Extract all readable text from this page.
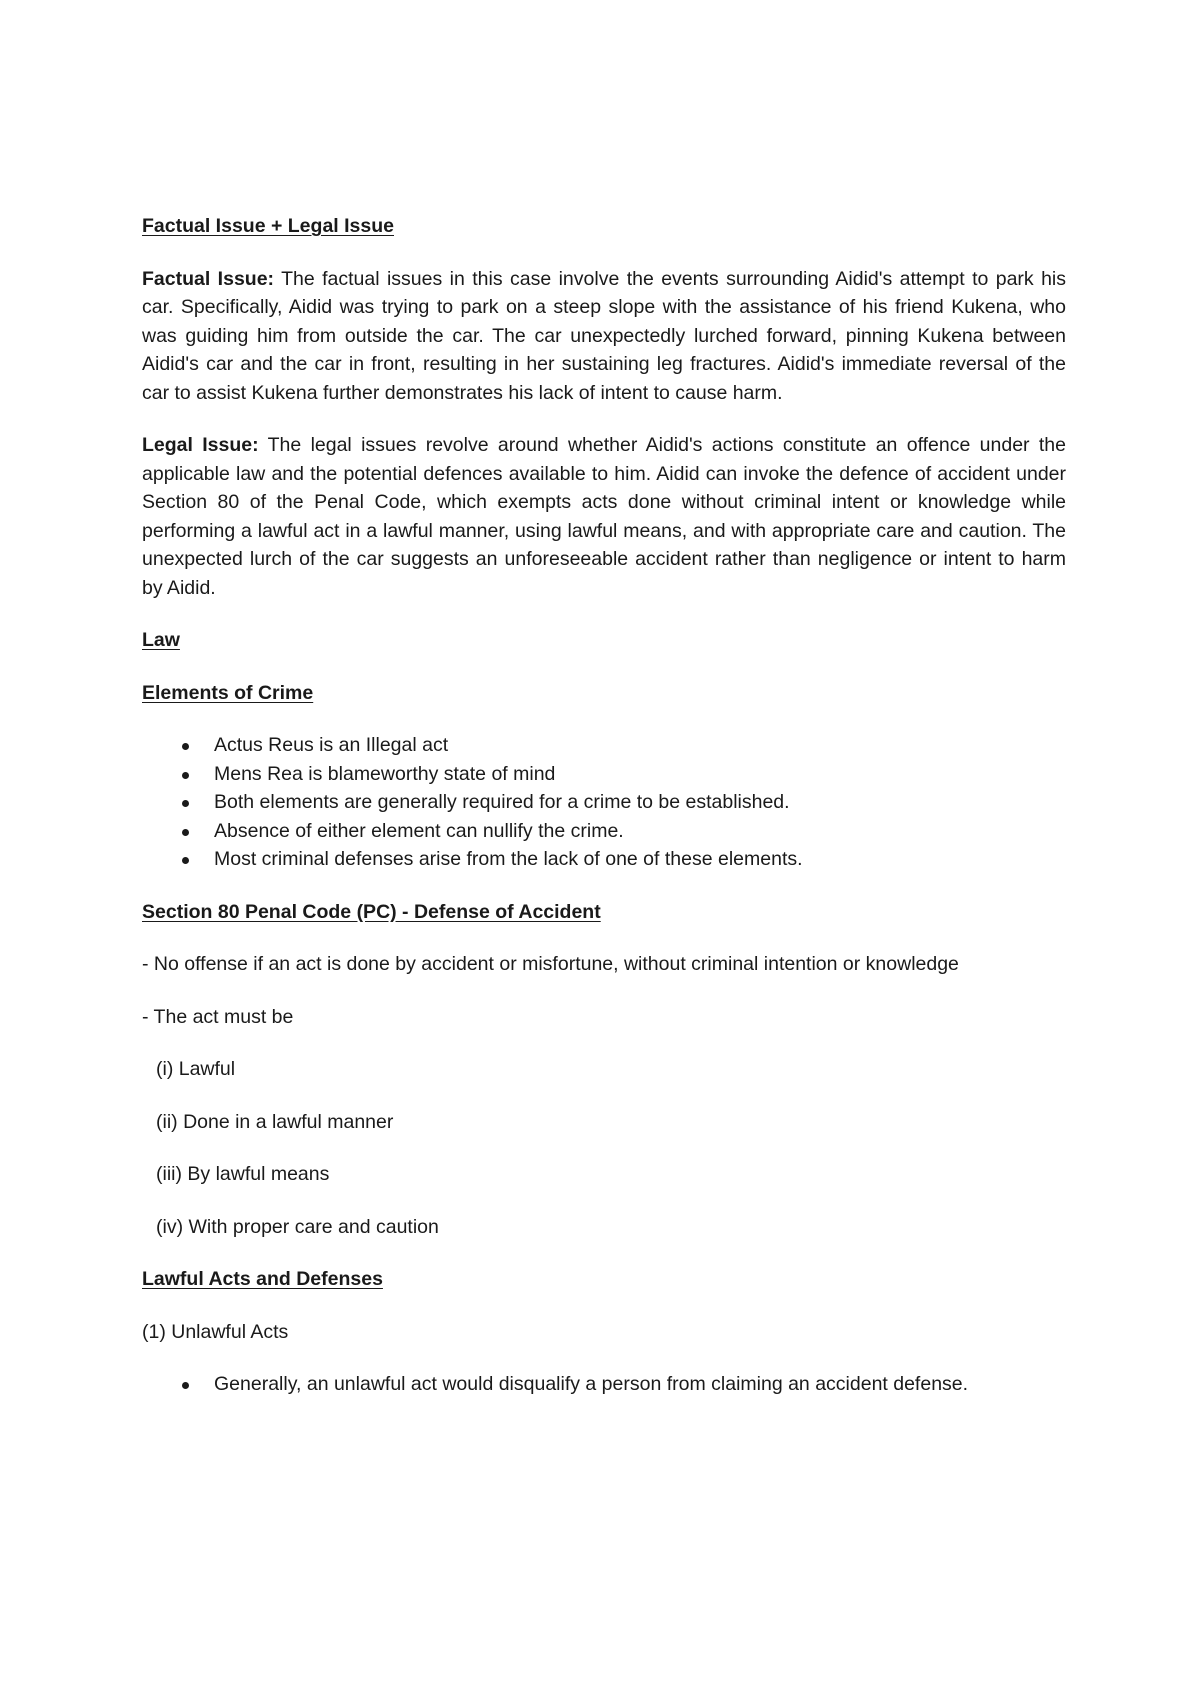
Factual Issue + Legal Issue

Factual Issue: The factual issues in this case involve the events surrounding Aidid's attempt to park his car. Specifically, Aidid was trying to park on a steep slope with the assistance of his friend Kukena, who was guiding him from outside the car. The car unexpectedly lurched forward, pinning Kukena between Aidid's car and the car in front, resulting in her sustaining leg fractures. Aidid's immediate reversal of the car to assist Kukena further demonstrates his lack of intent to cause harm.

Legal Issue: The legal issues revolve around whether Aidid's actions constitute an offence under the applicable law and the potential defences available to him. Aidid can invoke the defence of accident under Section 80 of the Penal Code, which exempts acts done without criminal intent or knowledge while performing a lawful act in a lawful manner, using lawful means, and with appropriate care and caution. The unexpected lurch of the car suggests an unforeseeable accident rather than negligence or intent to harm by Aidid.

Law
Elements of Crime
Actus Reus is an Illegal act
Mens Rea is blameworthy state of mind
Both elements are generally required for a crime to be established.
Absence of either element can nullify the crime.
Most criminal defenses arise from the lack of one of these elements.
Section 80 Penal Code (PC) - Defense of Accident

- No offense if an act is done by accident or misfortune, without criminal intention or knowledge

- The act must be

(i) Lawful

(ii) Done in a lawful manner

(iii) By lawful means

(iv) With proper care and caution

Lawful Acts and Defenses

(1) Unlawful Acts

Generally, an unlawful act would disqualify a person from claiming an accident defense.
